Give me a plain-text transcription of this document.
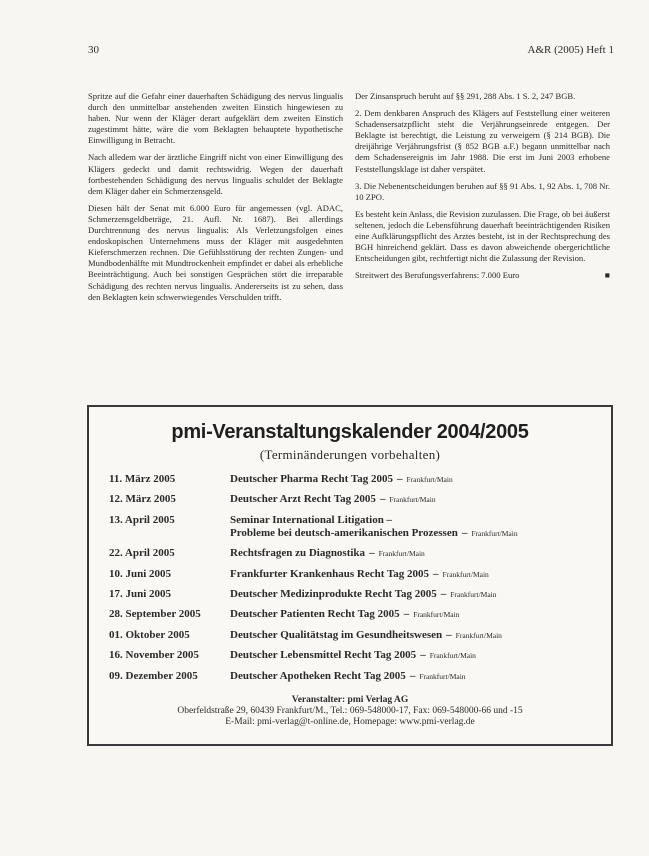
30	A&R (2005) Heft 1

Spritze auf die Gefahr einer dauerhaften Schädigung des nervus lingualis durch den unmittelbar anstehenden zweiten Einstich hingewiesen zu haben. Nur wenn der Kläger derart aufgeklärt dem zweiten Einstich zugestimmt hätte, wäre die vom Beklagten behauptete hypothetische Einwilligung in Betracht.

Nach alledem war der ärztliche Eingriff nicht von einer Einwilligung des Klägers gedeckt und damit rechtswidrig. Wegen der dauerhaft fortbestehenden Schädigung des nervus lingualis schuldet der Beklagte dem Kläger daher ein Schmerzensgeld.

Diesen hält der Senat mit 6.000 Euro für angemessen (vgl. ADAC, Schmerzensgeldbeträge, 21. Aufl. Nr. 1687). Bei allerdings Durchtrennung des nervus lingualis: Als Verletzungsfolgen eines endoskopischen Unternehmens muss der Kläger mit ausgedehnten Kieferschmerzen rechnen. Die Gefühlsstörung der rechten Zungen- und Mundbodenhälfte mit Mundtrockenheit empfindet er dabei als erhebliche Beeinträchtigung. Auch bei sonstigen Gesprächen stört die irreparable Schädigung des rechten nervus lingualis. Andererseits ist zu sehen, dass den Beklagten kein schwerwiegendes Verschulden trifft.

Der Zinsanspruch beruht auf §§ 291, 288 Abs. 1 S. 2, 247 BGB.

2. Dem denkbaren Anspruch des Klägers auf Feststellung einer weiteren Schadensersatzpflicht steht die Verjährungseinrede entgegen. Der Beklagte ist berechtigt, die Leistung zu verweigern (§ 214 BGB). Die dreijährige Verjährungsfrist (§ 852 BGB a.F.) begann unmittelbar nach dem Schadensereignis im Jahr 1988. Die erst im Juni 2003 erhobene Feststellungsklage ist daher verspätet.

3. Die Nebenentscheidungen beruhen auf §§ 91 Abs. 1, 92 Abs. 1, 708 Nr. 10 ZPO.

Es besteht kein Anlass, die Revision zuzulassen. Die Frage, ob bei äußerst seltenen, jedoch die Lebensführung dauerhaft beeinträchtigenden Risiken eine Aufklärungspflicht des Arztes besteht, ist in der Rechtsprechung des BGH hinreichend geklärt. Dass es davon abweichende obergerichtliche Entscheidungen gibt, rechtfertigt nicht die Zulassung der Revision.

Streitwert des Berufungsverfahrens: 7.000 Euro	■

pmi-Veranstaltungskalender 2004/2005
(Terminänderungen vorbehalten)
11. März 2005	Deutscher Pharma Recht Tag 2005 – Frankfurt/Main
12. März 2005	Deutscher Arzt Recht Tag 2005 – Frankfurt/Main
13. April 2005	Seminar International Litigation –
Probleme bei deutsch-amerikanischen Prozessen – Frankfurt/Main
22. April 2005	Rechtsfragen zu Diagnostika – Frankfurt/Main
10. Juni 2005	Frankfurter Krankenhaus Recht Tag 2005 – Frankfurt/Main
17. Juni 2005	Deutscher Medizinprodukte Recht Tag 2005 – Frankfurt/Main
28. September 2005	Deutscher Patienten Recht Tag 2005 – Frankfurt/Main
01. Oktober 2005	Deutscher Qualitätstag im Gesundheitswesen – Frankfurt/Main
16. November 2005	Deutscher Lebensmittel Recht Tag 2005 – Frankfurt/Main
09. Dezember 2005	Deutscher Apotheken Recht Tag 2005 – Frankfurt/Main
Veranstalter: pmi Verlag AG
Oberfeldstraße 29, 60439 Frankfurt/M., Tel.: 069-548000-17, Fax: 069-548000-66 und -15
E-Mail: pmi-verlag@t-online.de, Homepage: www.pmi-verlag.de
